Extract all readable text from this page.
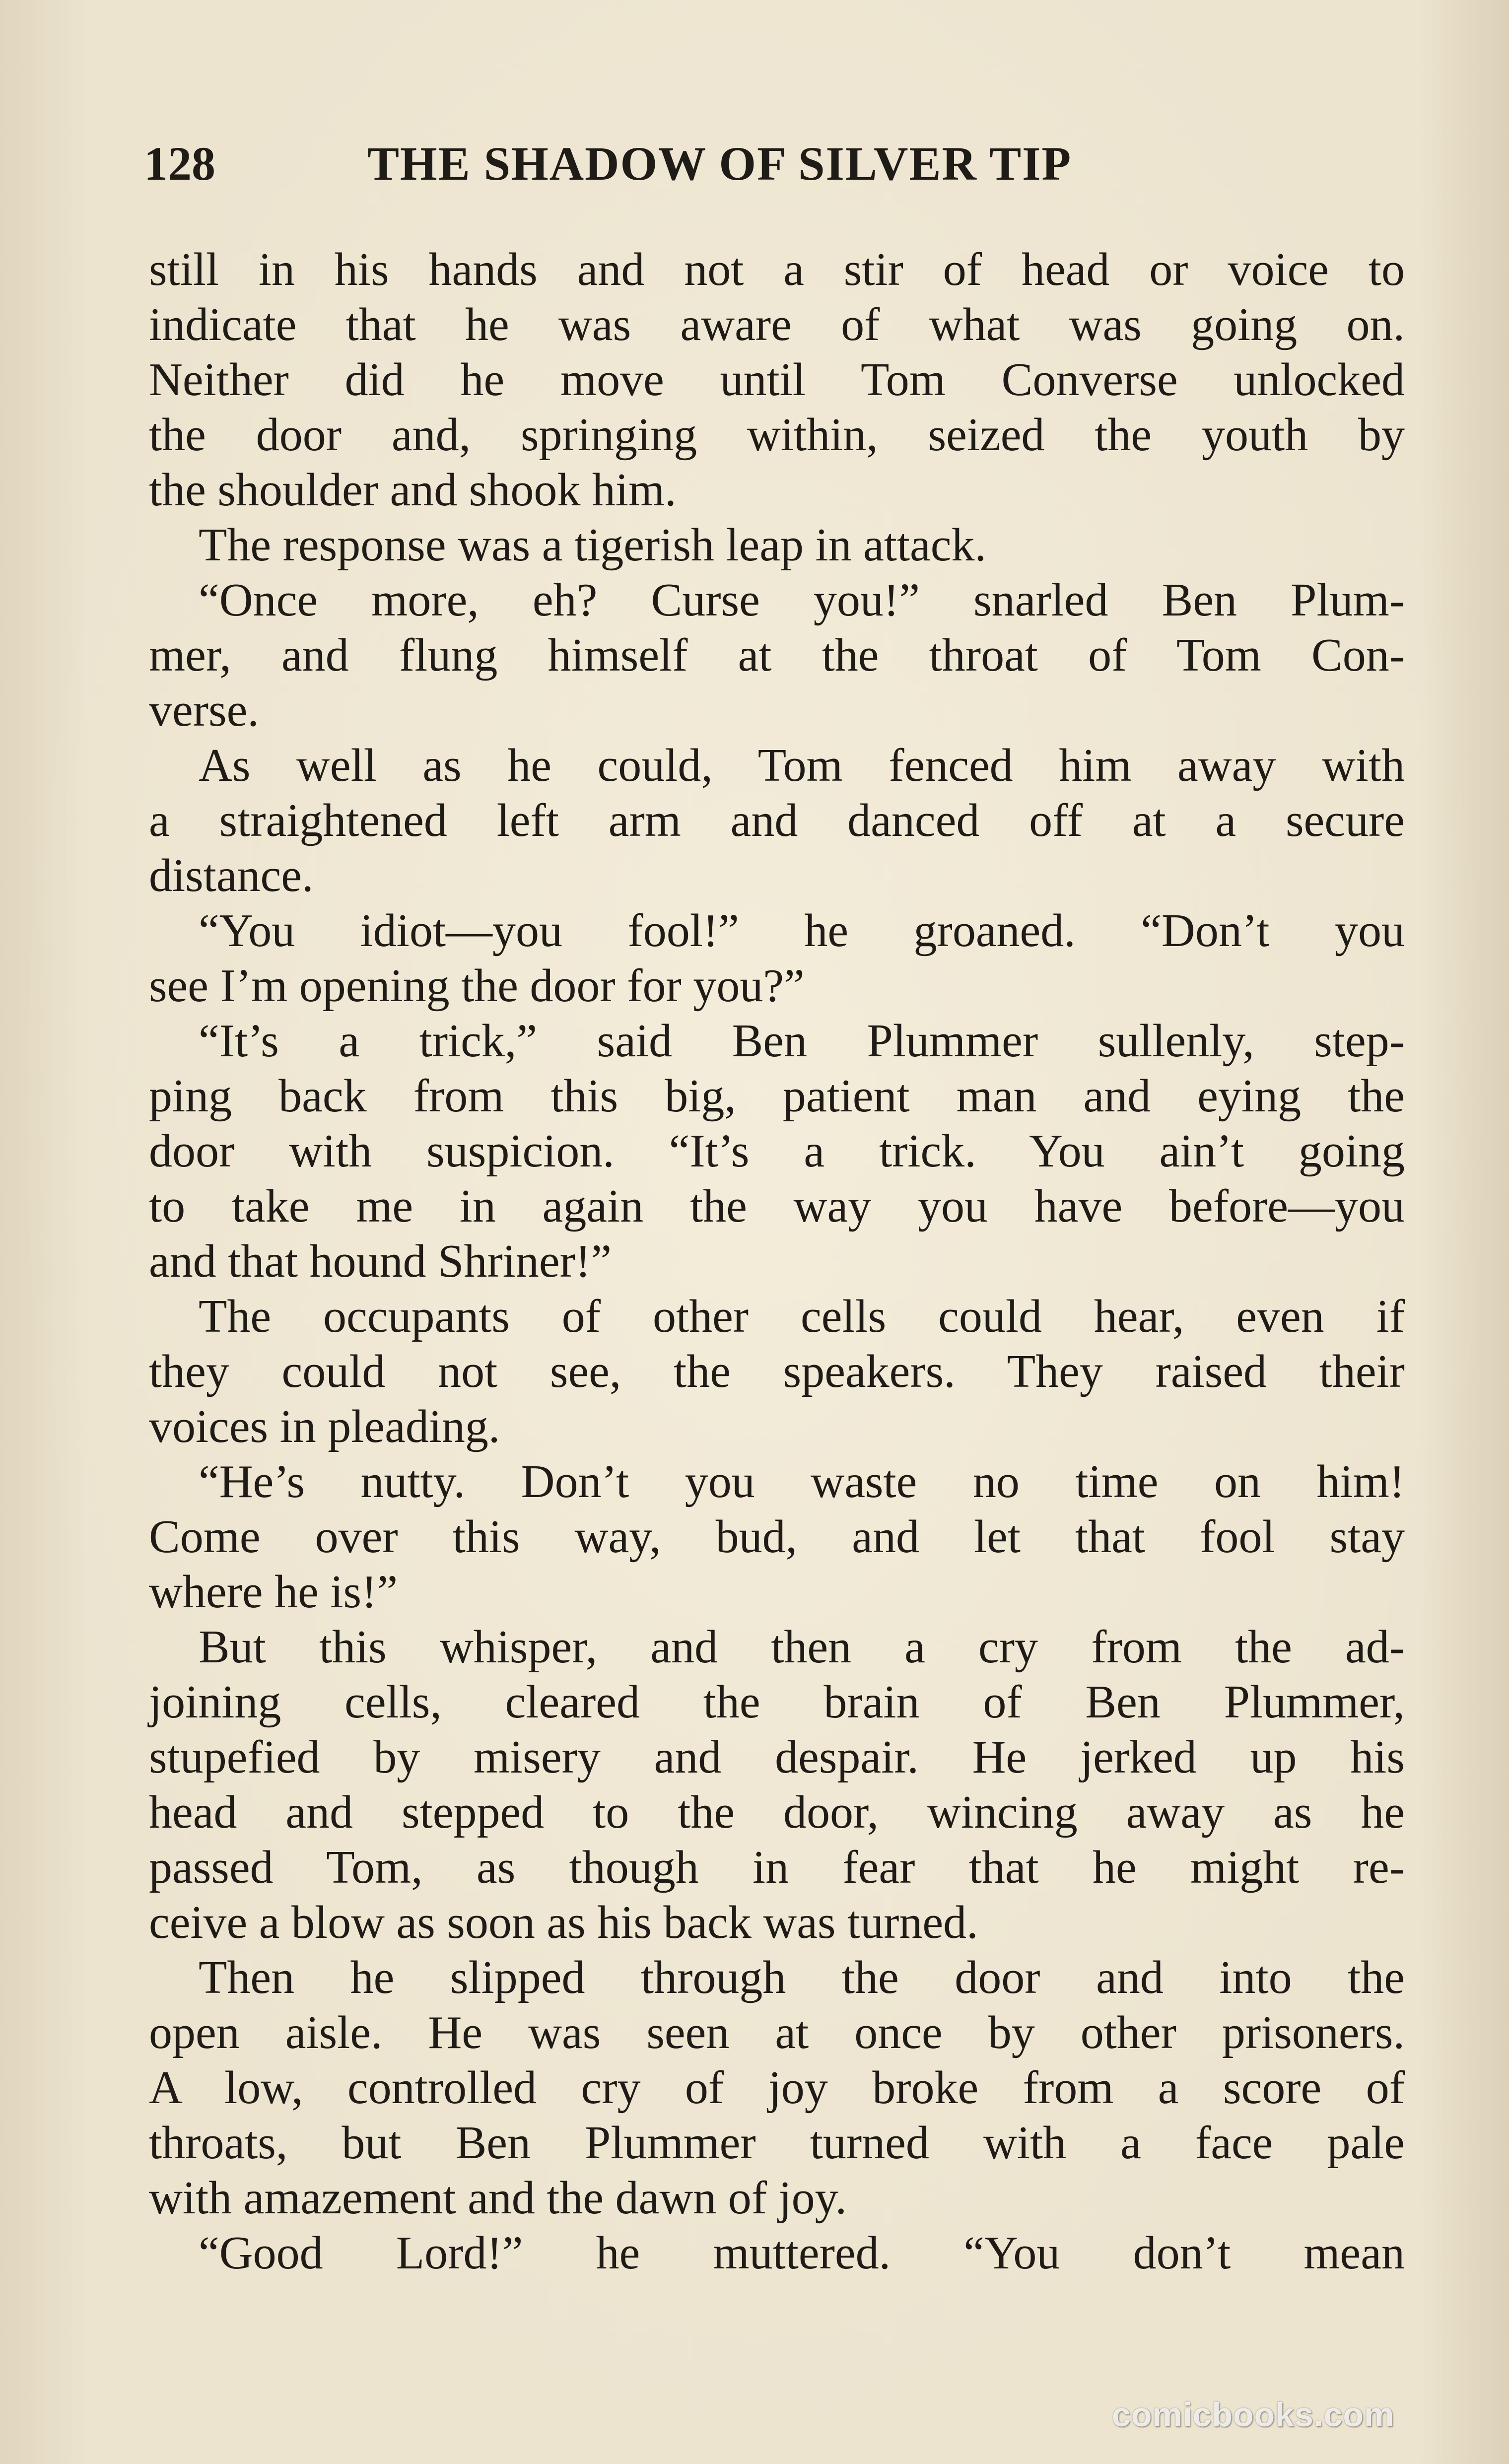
128	THE SHADOW OF SILVER TIP
still in his hands and not a stir of head or voice to
indicate that he was aware of what was going on.
Neither did he move until Tom Converse unlocked
the door and, springing within, seized the youth by
the shoulder and shook him.
The response was a tigerish leap in attack.
“Once more, eh? Curse you!” snarled Ben Plum-
mer, and flung himself at the throat of Tom Con-
verse.
As well as he could, Tom fenced him away with
a straightened left arm and danced off at a secure
distance.
“You idiot—you fool!” he groaned. “Don’t you
see I’m opening the door for you?”
“It’s a trick,” said Ben Plummer sullenly, step-
ping back from this big, patient man and eying the
door with suspicion. “It’s a trick. You ain’t going
to take me in again the way you have before—you
and that hound Shriner!”
The occupants of other cells could hear, even if
they could not see, the speakers. They raised their
voices in pleading.
“He’s nutty. Don’t you waste no time on him!
Come over this way, bud, and let that fool stay
where he is!”
But this whisper, and then a cry from the ad-
joining cells, cleared the brain of Ben Plummer,
stupefied by misery and despair. He jerked up his
head and stepped to the door, wincing away as he
passed Tom, as though in fear that he might re-
ceive a blow as soon as his back was turned.
Then he slipped through the door and into the
open aisle. He was seen at once by other prisoners.
A low, controlled cry of joy broke from a score of
throats, but Ben Plummer turned with a face pale
with amazement and the dawn of joy.
“Good Lord!” he muttered. “You don’t mean
comicbooks.com
